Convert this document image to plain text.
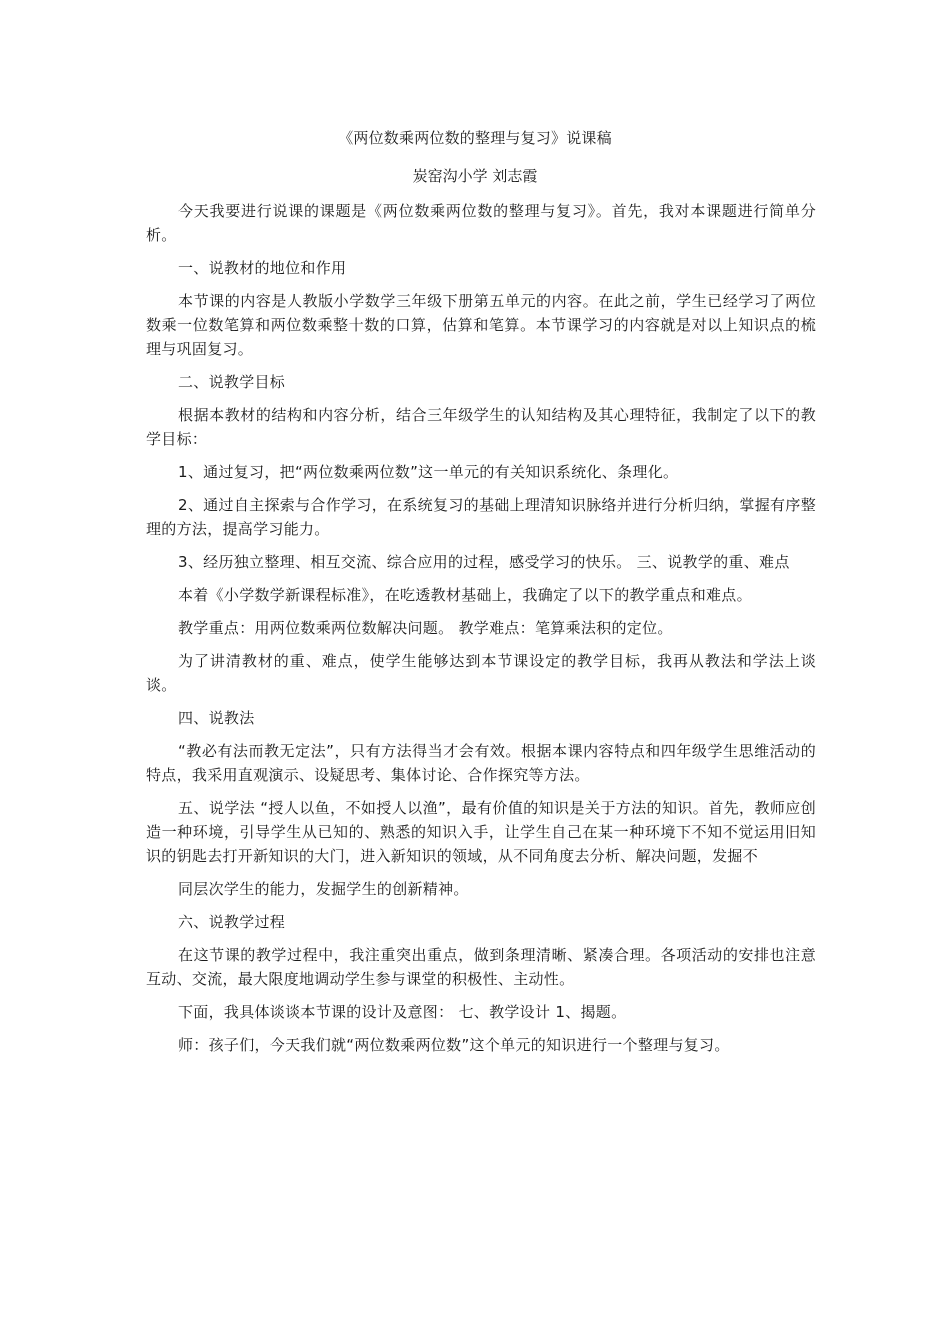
《两位数乘两位数的整理与复习》说课稿
炭窑沟小学 刘志霞

今天我要进行说课的课题是《两位数乘两位数的整理与复习》。首先，我对本课题进行简单分析。

一、说教材的地位和作用

本节课的内容是人教版小学数学三年级下册第五单元的内容。在此之前，学生已经学习了两位数乘一位数笔算和两位数乘整十数的口算，估算和笔算。本节课学习的内容就是对以上知识点的梳理与巩固复习。

二、说教学目标

根据本教材的结构和内容分析，结合三年级学生的认知结构及其心理特征，我制定了以下的教学目标：

1、通过复习，把“两位数乘两位数”这一单元的有关知识系统化、条理化。

2、通过自主探索与合作学习，在系统复习的基础上理清知识脉络并进行分析归纳，掌握有序整理的方法，提高学习能力。

3、经历独立整理、相互交流、综合应用的过程，感受学习的快乐。 三、说教学的重、难点

本着《小学数学新课程标准》，在吃透教材基础上，我确定了以下的教学重点和难点。

教学重点：用两位数乘两位数解决问题。 教学难点：笔算乘法积的定位。

为了讲清教材的重、难点，使学生能够达到本节课设定的教学目标，我再从教法和学法上谈谈。

四、说教法

“教必有法而教无定法”，只有方法得当才会有效。根据本课内容特点和四年级学生思维活动的特点，我采用直观演示、设疑思考、集体讨论、合作探究等方法。

五、说学法 “授人以鱼，不如授人以渔”，最有价值的知识是关于方法的知识。首先，教师应创造一种环境，引导学生从已知的、熟悉的知识入手，让学生自己在某一种环境下不知不觉运用旧知识的钥匙去打开新知识的大门，进入新知识的领域，从不同角度去分析、解决问题，发掘不

同层次学生的能力，发掘学生的创新精神。

六、说教学过程

在这节课的教学过程中，我注重突出重点，做到条理清晰、紧凑合理。各项活动的安排也注意互动、交流，最大限度地调动学生参与课堂的积极性、主动性。

下面，我具体谈谈本节课的设计及意图： 七、教学设计 1、揭题。

师：孩子们，今天我们就“两位数乘两位数”这个单元的知识进行一个整理与复习。
